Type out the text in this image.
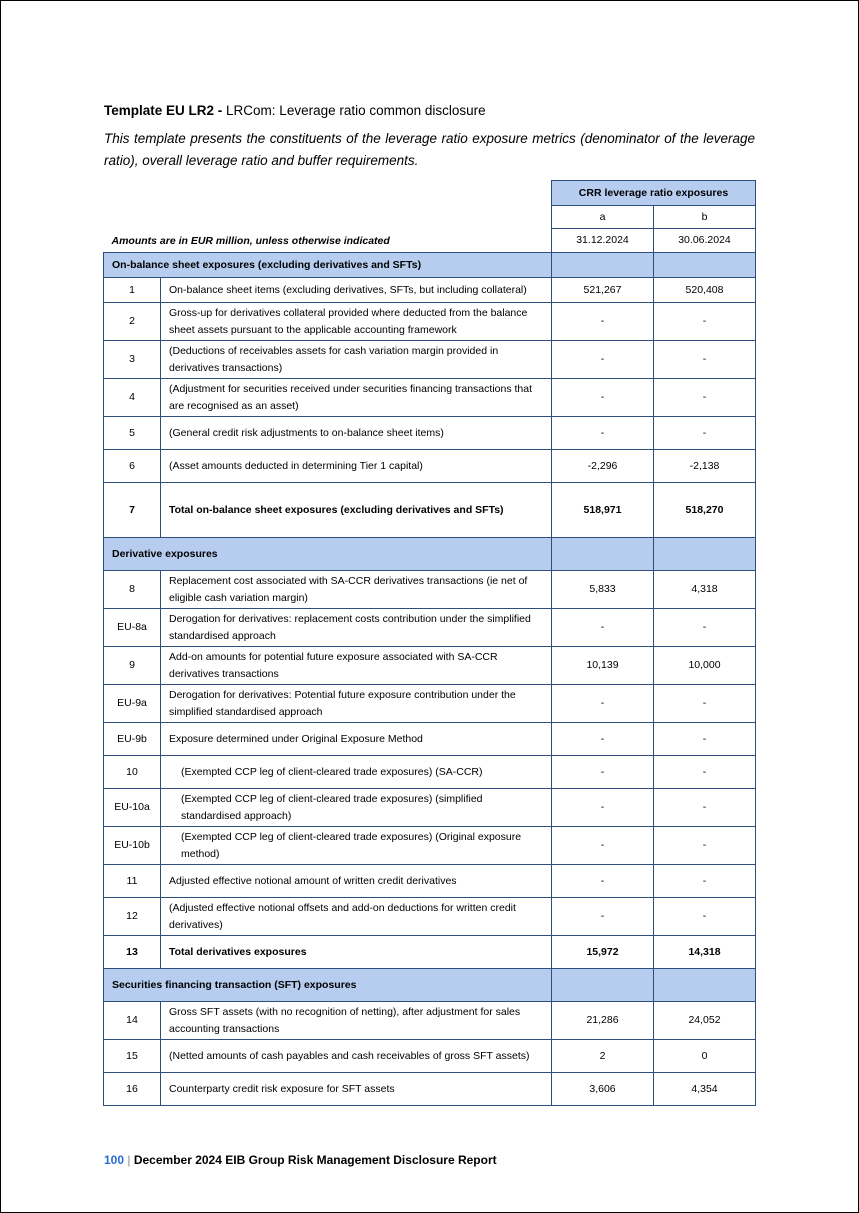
Template EU LR2 - LRCom: Leverage ratio common disclosure
This template presents the constituents of the leverage ratio exposure metrics (denominator of the leverage ratio), overall leverage ratio and buffer requirements.
		CRR leverage ratio exposures	
		a	b
Amounts are in EUR million, unless otherwise indicated		31.12.2024	30.06.2024
On-balance sheet exposures (excluding derivatives and SFTs)			
1	On-balance sheet items (excluding derivatives, SFTs, but including collateral)	521,267	520,408
2	Gross-up for derivatives collateral provided where deducted from the balance sheet assets pursuant to the applicable accounting framework	-	-
3	(Deductions of receivables assets for cash variation margin provided in derivatives transactions)	-	-
4	(Adjustment for securities received under securities financing transactions that are recognised as an asset)	-	-
5	(General credit risk adjustments to on-balance sheet items)	-	-
6	(Asset amounts deducted in determining Tier 1 capital)	-2,296	-2,138
7	Total on-balance sheet exposures (excluding derivatives and SFTs)	518,971	518,270
Derivative exposures			
8	Replacement cost associated with SA-CCR derivatives transactions (ie net of eligible cash variation margin)	5,833	4,318
EU-8a	Derogation for derivatives: replacement costs contribution under the simplified standardised approach	-	-
9	Add-on amounts for potential future exposure associated with SA-CCR derivatives transactions	10,139	10,000
EU-9a	Derogation for derivatives: Potential future exposure contribution under the simplified standardised approach	-	-
EU-9b	Exposure determined under Original Exposure Method	-	-
10	(Exempted CCP leg of client-cleared trade exposures) (SA-CCR)	-	-
EU-10a	(Exempted CCP leg of client-cleared trade exposures) (simplified standardised approach)	-	-
EU-10b	(Exempted CCP leg of client-cleared trade exposures) (Original exposure method)	-	-
11	Adjusted effective notional amount of written credit derivatives	-	-
12	(Adjusted effective notional offsets and add-on deductions for written credit derivatives)	-	-
13	Total derivatives exposures	15,972	14,318
Securities financing transaction (SFT) exposures			
14	Gross SFT assets (with no recognition of netting), after adjustment for sales accounting transactions	21,286	24,052
15	(Netted amounts of cash payables and cash receivables of gross SFT assets)	2	0
16	Counterparty credit risk exposure for SFT assets	3,606	4,354
100 | December 2024 EIB Group Risk Management Disclosure Report
